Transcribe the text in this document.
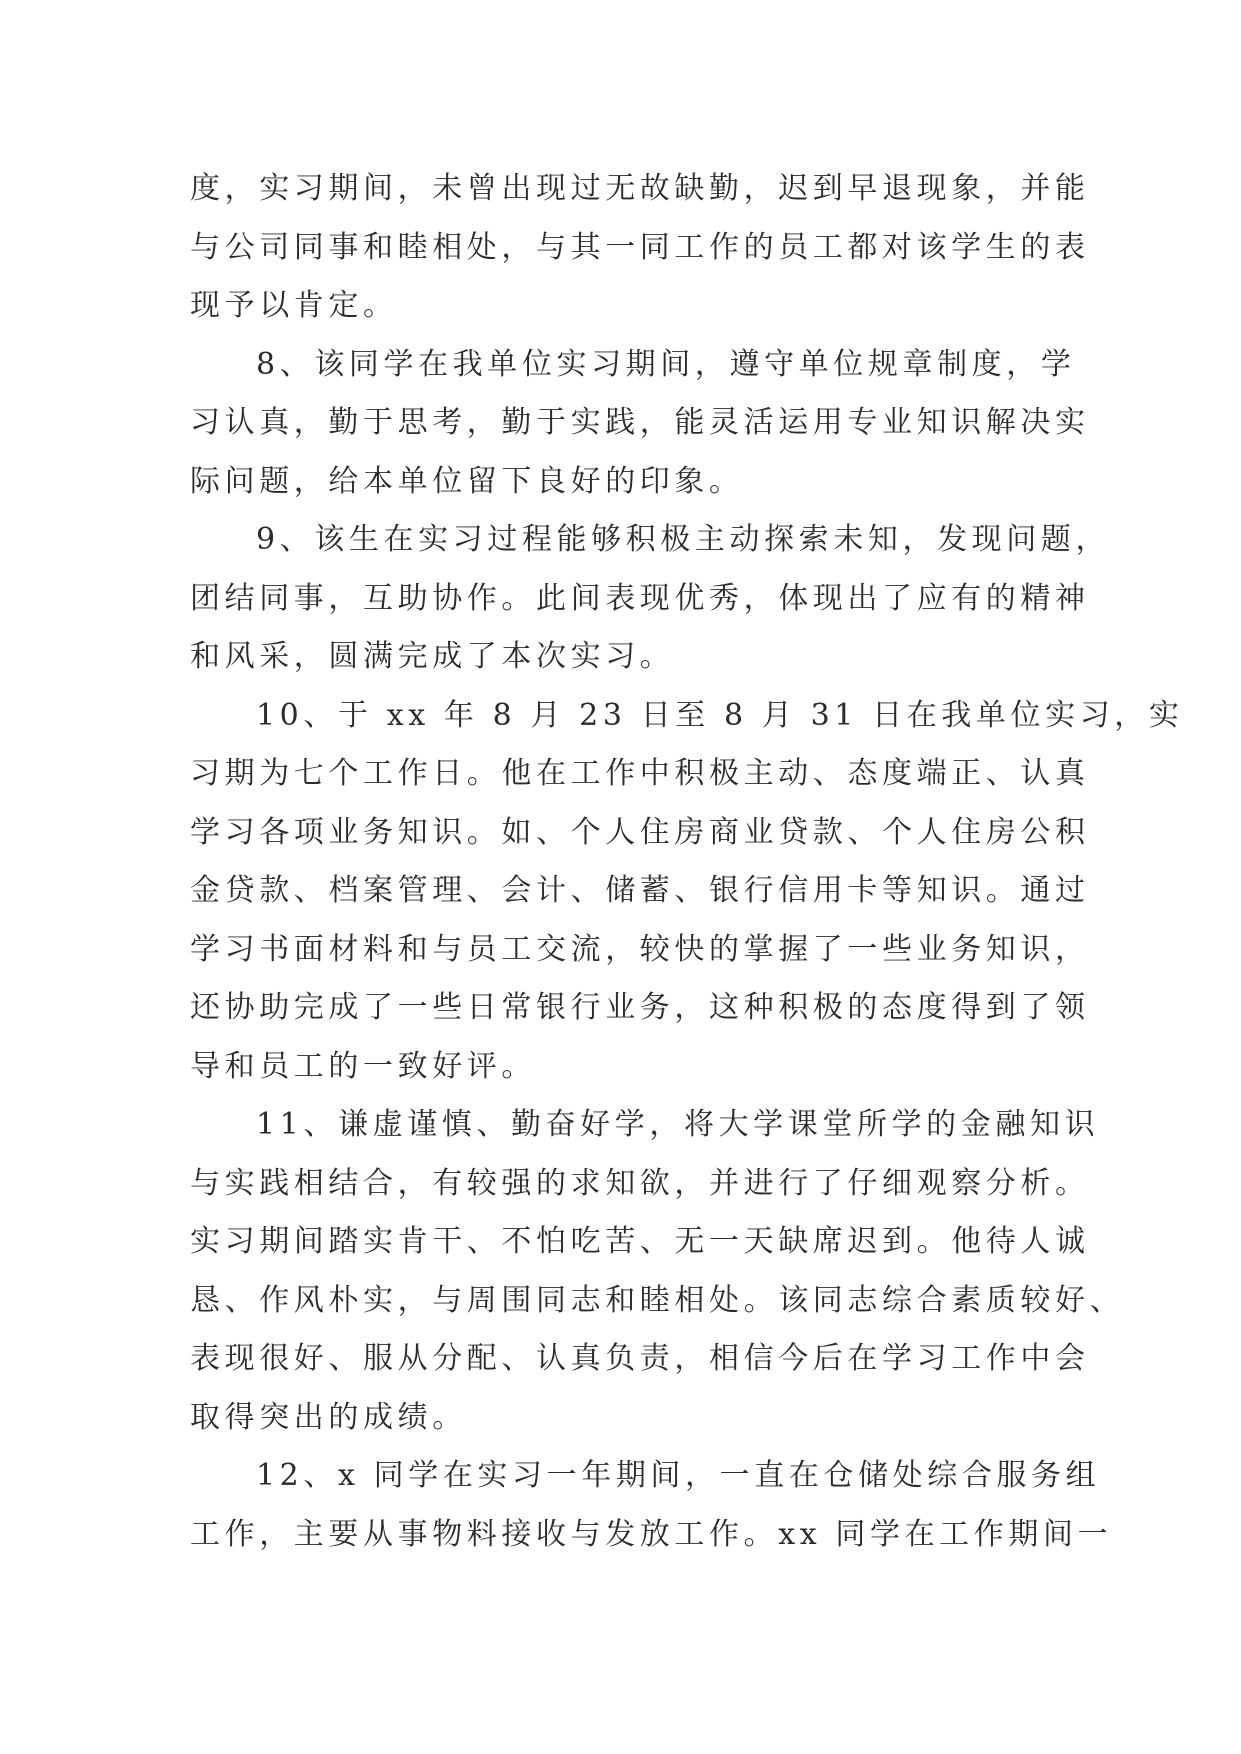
度，实习期间，未曾出现过无故缺勤，迟到早退现象，并能
与公司同事和睦相处，与其一同工作的员工都对该学生的表
现予以肯定。
8、该同学在我单位实习期间，遵守单位规章制度，学
习认真，勤于思考，勤于实践，能灵活运用专业知识解决实
际问题，给本单位留下良好的印象。
9、该生在实习过程能够积极主动探索未知，发现问题，
团结同事，互助协作。此间表现优秀，体现出了应有的精神
和风采，圆满完成了本次实习。
10、于 xx 年 8 月 23 日至 8 月 31 日在我单位实习，实
习期为七个工作日。他在工作中积极主动、态度端正、认真
学习各项业务知识。如、个人住房商业贷款、个人住房公积
金贷款、档案管理、会计、储蓄、银行信用卡等知识。通过
学习书面材料和与员工交流，较快的掌握了一些业务知识，
还协助完成了一些日常银行业务，这种积极的态度得到了领
导和员工的一致好评。
11、谦虚谨慎、勤奋好学，将大学课堂所学的金融知识
与实践相结合，有较强的求知欲，并进行了仔细观察分析。
实习期间踏实肯干、不怕吃苦、无一天缺席迟到。他待人诚
恳、作风朴实，与周围同志和睦相处。该同志综合素质较好、
表现很好、服从分配、认真负责，相信今后在学习工作中会
取得突出的成绩。
12、x 同学在实习一年期间，一直在仓储处综合服务组
工作，主要从事物料接收与发放工作。xx 同学在工作期间一
